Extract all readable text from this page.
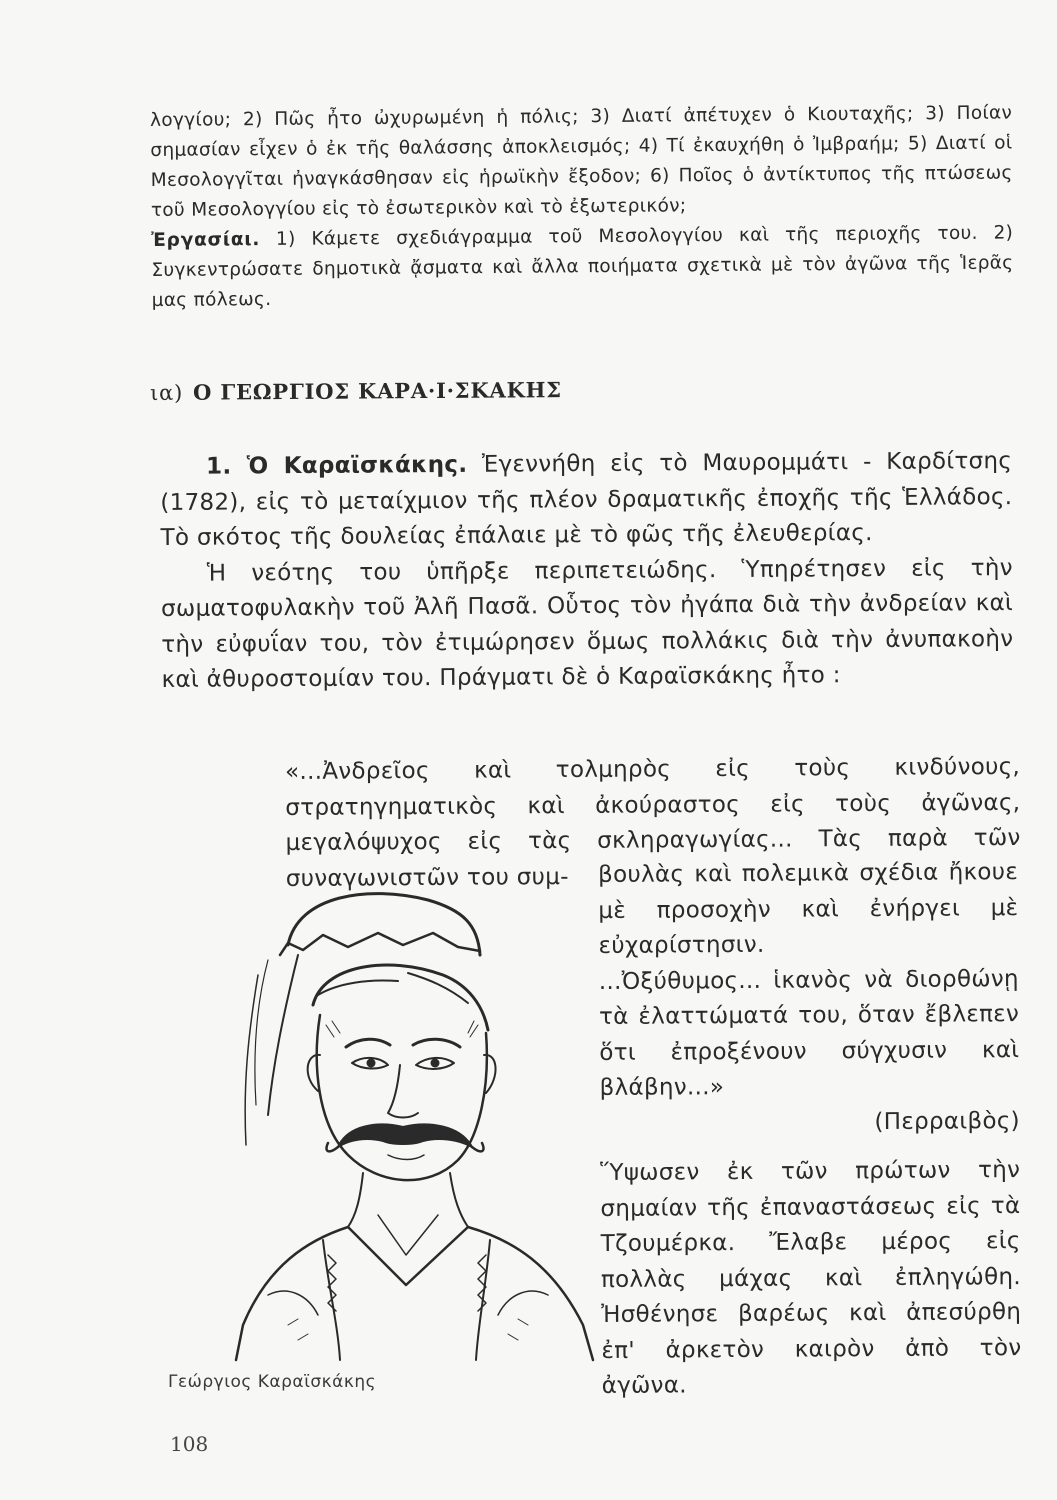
λογγίου; 2) Πῶς ἦτο ὠχυρωμένη ἡ πόλις; 3) Διατί ἀπέτυχεν ὁ Κιουταχῆς; 3) Ποίαν σημασίαν εἶχεν ὁ ἐκ τῆς θαλάσσης ἀποκλεισμός; 4) Τί ἐκαυχήθη ὁ Ἰμβραήμ; 5) Διατί οἱ Μεσολογγῖται ἠναγκάσθησαν εἰς ἡρωϊκὴν ἔξοδον; 6) Ποῖος ὁ ἀντίκτυπος τῆς πτώσεως τοῦ Μεσολογγίου εἰς τὸ ἐσωτερικὸν καὶ τὸ ἐξωτερικόν;

Ἐργασίαι. 1) Κάμετε σχεδιάγραμμα τοῦ Μεσολογγίου καὶ τῆς περιοχῆς του. 2) Συγκεντρώσατε δημοτικὰ ᾄσματα καὶ ἄλλα ποιήματα σχετικὰ μὲ τὸν ἀγῶνα τῆς Ἱερᾶς μας πόλεως.

ια) Ο ΓΕΩΡΓΙΟΣ ΚΑΡΑ·Ι·ΣΚΑΚΗΣ

1. Ὁ Καραϊσκάκης. Ἐγεννήθη εἰς τὸ Μαυρομμάτι - Καρδίτσης (1782), εἰς τὸ μεταίχμιον τῆς πλέον δραματικῆς ἐποχῆς τῆς Ἑλλάδος. Τὸ σκότος τῆς δουλείας ἐπάλαιε μὲ τὸ φῶς τῆς ἐλευθερίας.

Ἡ νεότης του ὑπῆρξε περιπετειώδης. Ὑπηρέτησεν εἰς τὴν σωματοφυλακὴν τοῦ Ἀλῆ Πασᾶ. Οὗτος τὸν ἠγάπα διὰ τὴν ἀνδρείαν καὶ τὴν εὐφυΐαν του, τὸν ἐτιμώρησεν ὅμως πολλάκις διὰ τὴν ἀνυπακοὴν καὶ ἀθυροστομίαν του. Πράγματι δὲ ὁ Καραϊσκάκης ἦτο :

«...Ἀνδρεῖος καὶ τολμηρὸς εἰς τοὺς κινδύνους, στρατηγηματικὸς καὶ ἀκούραστος εἰς τοὺς ἀγῶνας, μεγαλόψυχος εἰς τὰς σκληραγωγίας... Τὰς παρὰ τῶν συναγωνιστῶν του συμ-	βουλὰς καὶ πολεμικὰ σχέδια ἤκουε μὲ προσοχὴν καὶ ἐνήργει μὲ εὐχαρίστησιν.

...Ὀξύθυμος... ἱκανὸς νὰ διορθώνῃ τὰ ἐλαττώματά του, ὅταν ἔβλεπεν ὅτι ἐπροξένουν σύγχυσιν καὶ βλάβην...»

(Περραιβὸς)

Ὕψωσεν ἐκ τῶν πρώτων τὴν σημαίαν τῆς ἐπαναστάσεως εἰς τὰ Τζουμέρκα. Ἔλαβε μέρος εἰς πολλὰς μάχας καὶ ἐπληγώθη. Ἠσθένησε βαρέως καὶ ἀπεσύρθη ἐπ' ἀρκετὸν καιρὸν ἀπὸ τὸν ἀγῶνα.

Γεώργιος Καραϊσκάκης
108
